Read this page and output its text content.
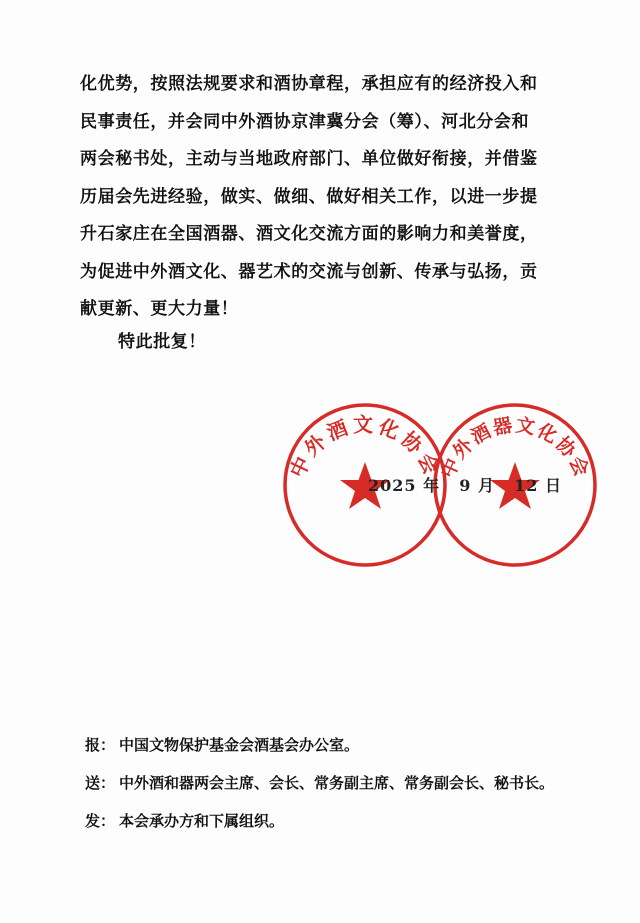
化优势，按照法规要求和酒协章程，承担应有的经济投入和
民事责任，并会同中外酒协京津冀分会（筹）、河北分会和
两会秘书处，主动与当地政府部门、单位做好衔接，并借鉴
历届会先进经验，做实、做细、做好相关工作，以进一步提
升石家庄在全国酒器、酒文化交流方面的影响力和美誉度，
为促进中外酒文化、器艺术的交流与创新、传承与弘扬，贡
献更新、更大力量！
特此批复！
中外酒文化协会
中外酒器文化协会
2025 年 9 月 12 日
报： 中国文物保护基金会酒基会办公室。
送： 中外酒和器两会主席、会长、常务副主席、常务副会长、秘书长。
发： 本会承办方和下属组织。
